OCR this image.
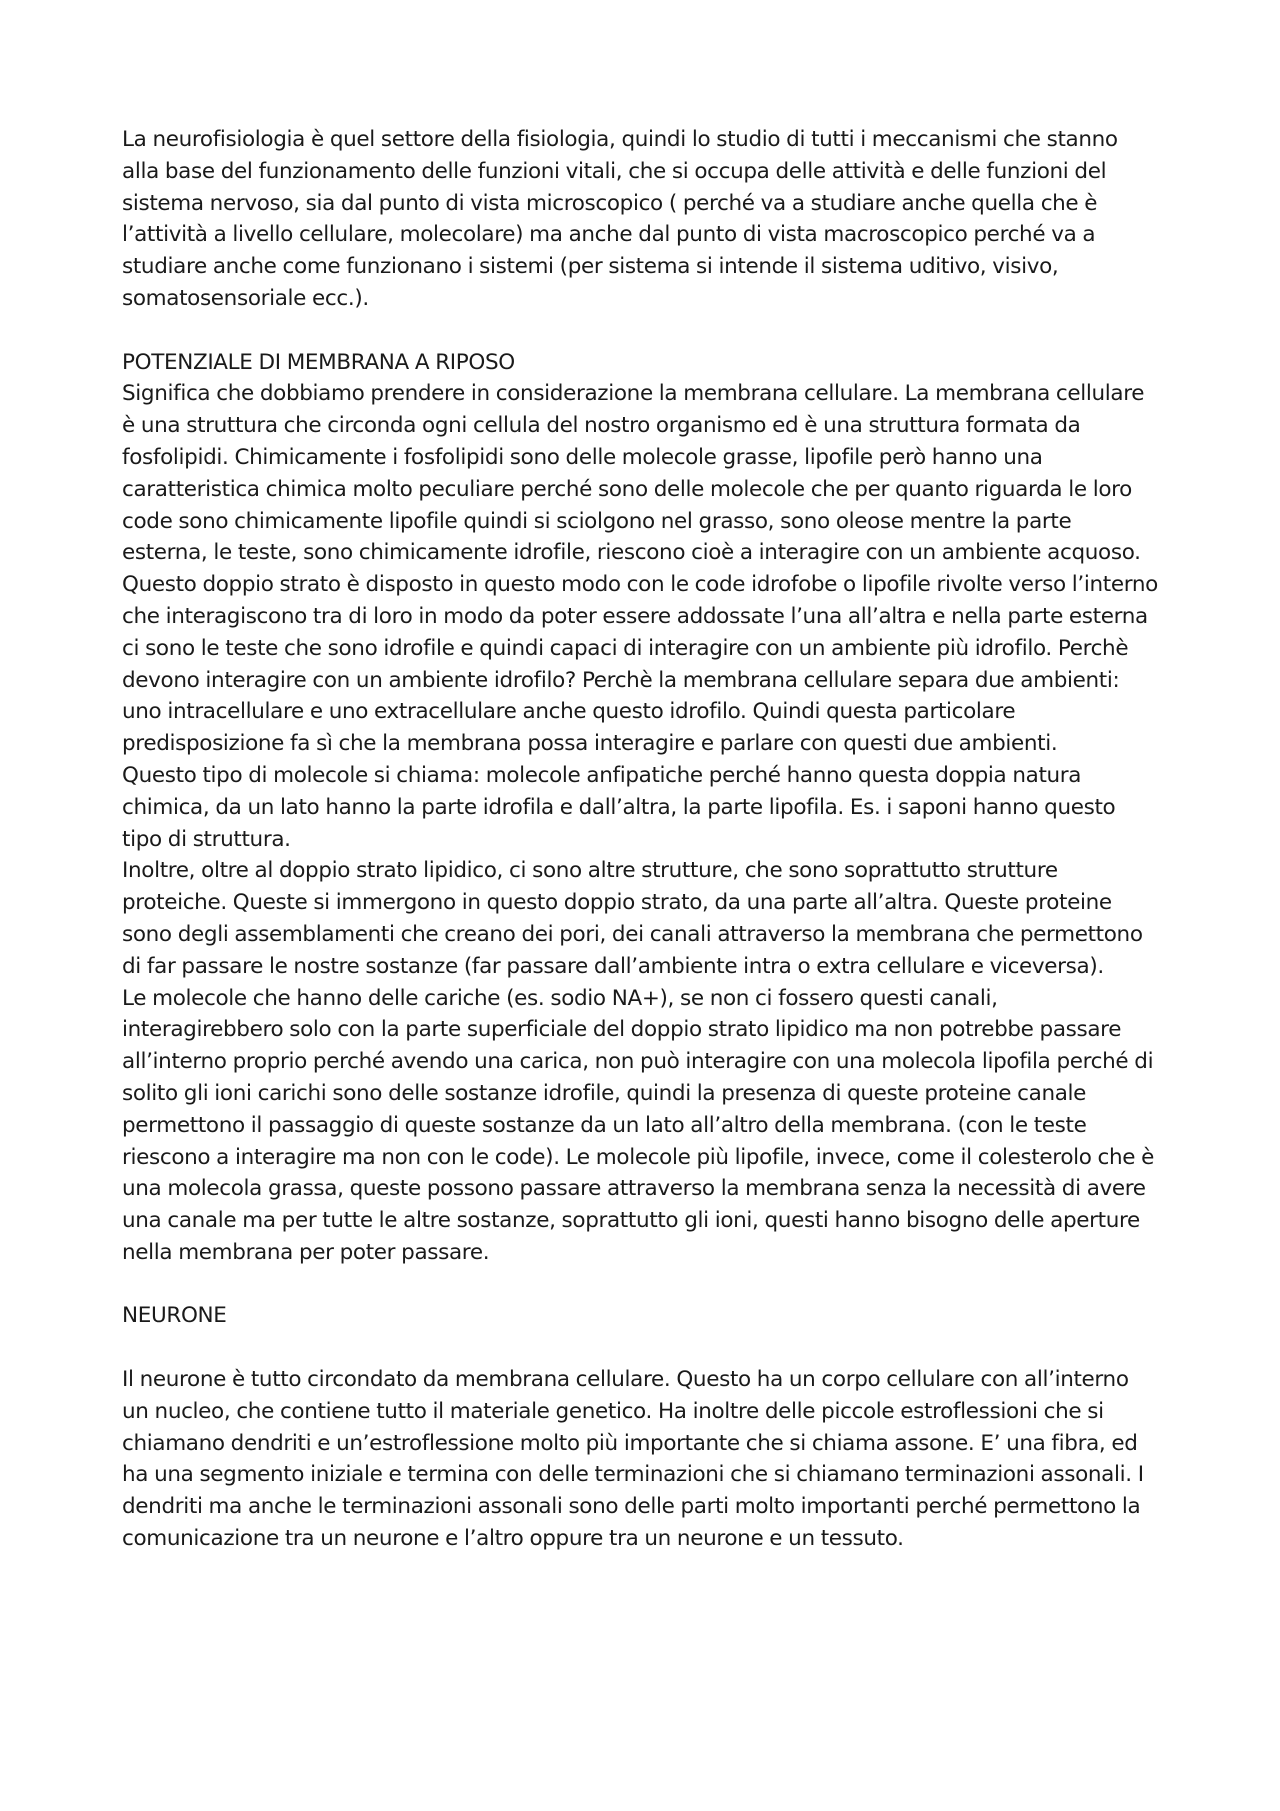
La neurofisiologia è quel settore della fisiologia, quindi lo studio di tutti i meccanismi che stanno alla base del funzionamento delle funzioni vitali, che si occupa delle attività e delle funzioni del sistema nervoso, sia dal punto di vista microscopico ( perché va a studiare anche quella che è l’attività a livello cellulare, molecolare) ma anche dal punto di vista macroscopico perché va a studiare anche come funzionano i sistemi (per sistema si intende il sistema uditivo, visivo, somatosensoriale ecc.).

POTENZIALE DI MEMBRANA A RIPOSO

Significa che dobbiamo prendere in considerazione la membrana cellulare. La membrana cellulare è una struttura che circonda ogni cellula del nostro organismo ed è una struttura formata da fosfolipidi. Chimicamente i fosfolipidi sono delle molecole grasse, lipofile però hanno una caratteristica chimica molto peculiare perché sono delle molecole che per quanto riguarda le loro code sono chimicamente lipofile quindi si sciolgono nel grasso, sono oleose mentre la parte esterna, le teste, sono chimicamente idrofile, riescono cioè a interagire con un ambiente acquoso. Questo doppio strato è disposto in questo modo con le code idrofobe o lipofile rivolte verso l’interno che interagiscono tra di loro in modo da poter essere addossate l’una all’altra e nella parte esterna ci sono le teste che sono idrofile e quindi capaci di interagire con un ambiente più idrofilo. Perchè devono interagire con un ambiente idrofilo? Perchè la membrana cellulare separa due ambienti: uno intracellulare e uno extracellulare anche questo idrofilo. Quindi questa particolare predisposizione fa sì che la membrana possa interagire e parlare con questi due ambienti.

Questo tipo di molecole si chiama: molecole anfipatiche perché hanno questa doppia natura chimica, da un lato hanno la parte idrofila e dall’altra, la parte lipofila. Es. i saponi hanno questo tipo di struttura.

Inoltre, oltre al doppio strato lipidico, ci sono altre strutture, che sono soprattutto strutture proteiche. Queste si immergono in questo doppio strato, da una parte all’altra. Queste proteine sono degli assemblamenti che creano dei pori, dei canali attraverso la membrana che permettono di far passare le nostre sostanze (far passare dall’ambiente intra o extra cellulare e viceversa).

Le molecole che hanno delle cariche (es. sodio NA+), se non ci fossero questi canali, interagirebbero solo con la parte superficiale del doppio strato lipidico ma non potrebbe passare all’interno proprio perché avendo una carica, non può interagire con una molecola lipofila perché di solito gli ioni carichi sono delle sostanze idrofile, quindi la presenza di queste proteine canale permettono il passaggio di queste sostanze da un lato all’altro della membrana. (con le teste riescono a interagire ma non con le code). Le molecole più lipofile, invece, come il colesterolo che è una molecola grassa, queste possono passare attraverso la membrana senza la necessità di avere una canale ma per tutte le altre sostanze, soprattutto gli ioni, questi hanno bisogno delle aperture nella membrana per poter passare.

NEURONE

Il neurone è tutto circondato da membrana cellulare. Questo ha un corpo cellulare con all’interno un nucleo, che contiene tutto il materiale genetico. Ha inoltre delle piccole estroflessioni che si chiamano dendriti e un’estroflessione molto più importante che si chiama assone. E’ una fibra, ed ha una segmento iniziale e termina con delle terminazioni che si chiamano terminazioni assonali. I dendriti ma anche le terminazioni assonali sono delle parti molto importanti perché permettono la comunicazione tra un neurone e l’altro oppure tra un neurone e un tessuto.
